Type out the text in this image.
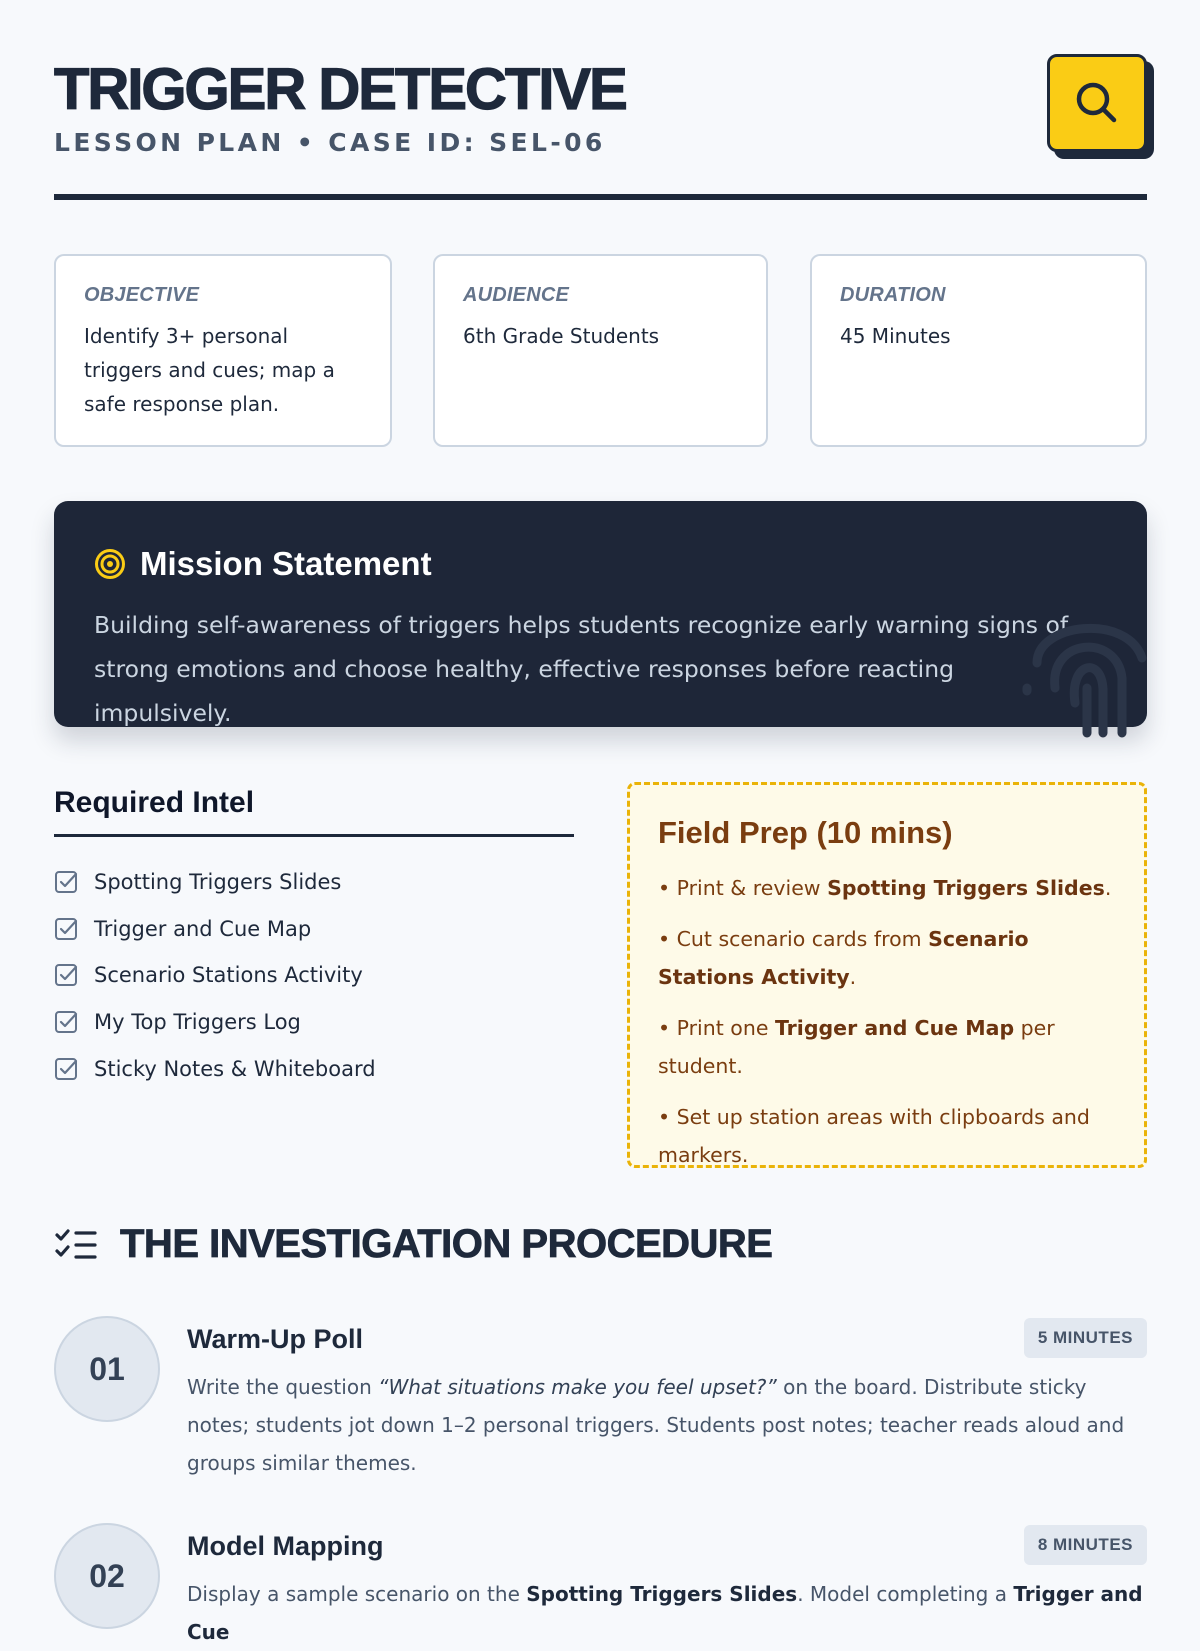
TRIGGER DETECTIVE
LESSON PLAN • CASE ID: SEL-06
OBJECTIVE
Identify 3+ personal triggers and cues; map a safe response plan.
AUDIENCE
6th Grade Students
DURATION
45 Minutes
Mission Statement
Building self-awareness of triggers helps students recognize early warning signs of strong emotions and choose healthy, effective responses before reacting impulsively.
Required Intel
Spotting Triggers Slides
Trigger and Cue Map
Scenario Stations Activity
My Top Triggers Log
Sticky Notes & Whiteboard
Field Prep (10 mins)
• Print & review Spotting Triggers Slides.
• Cut scenario cards from Scenario Stations Activity.
• Print one Trigger and Cue Map per student.
• Set up station areas with clipboards and markers.
THE INVESTIGATION PROCEDURE
01
Warm-Up Poll	5 MINUTES
Write the question “What situations make you feel upset?” on the board. Distribute sticky notes; students jot down 1–2 personal triggers. Students post notes; teacher reads aloud and groups similar themes.
02
Model Mapping	8 MINUTES
Display a sample scenario on the Spotting Triggers Slides. Model completing a Trigger and Cue
